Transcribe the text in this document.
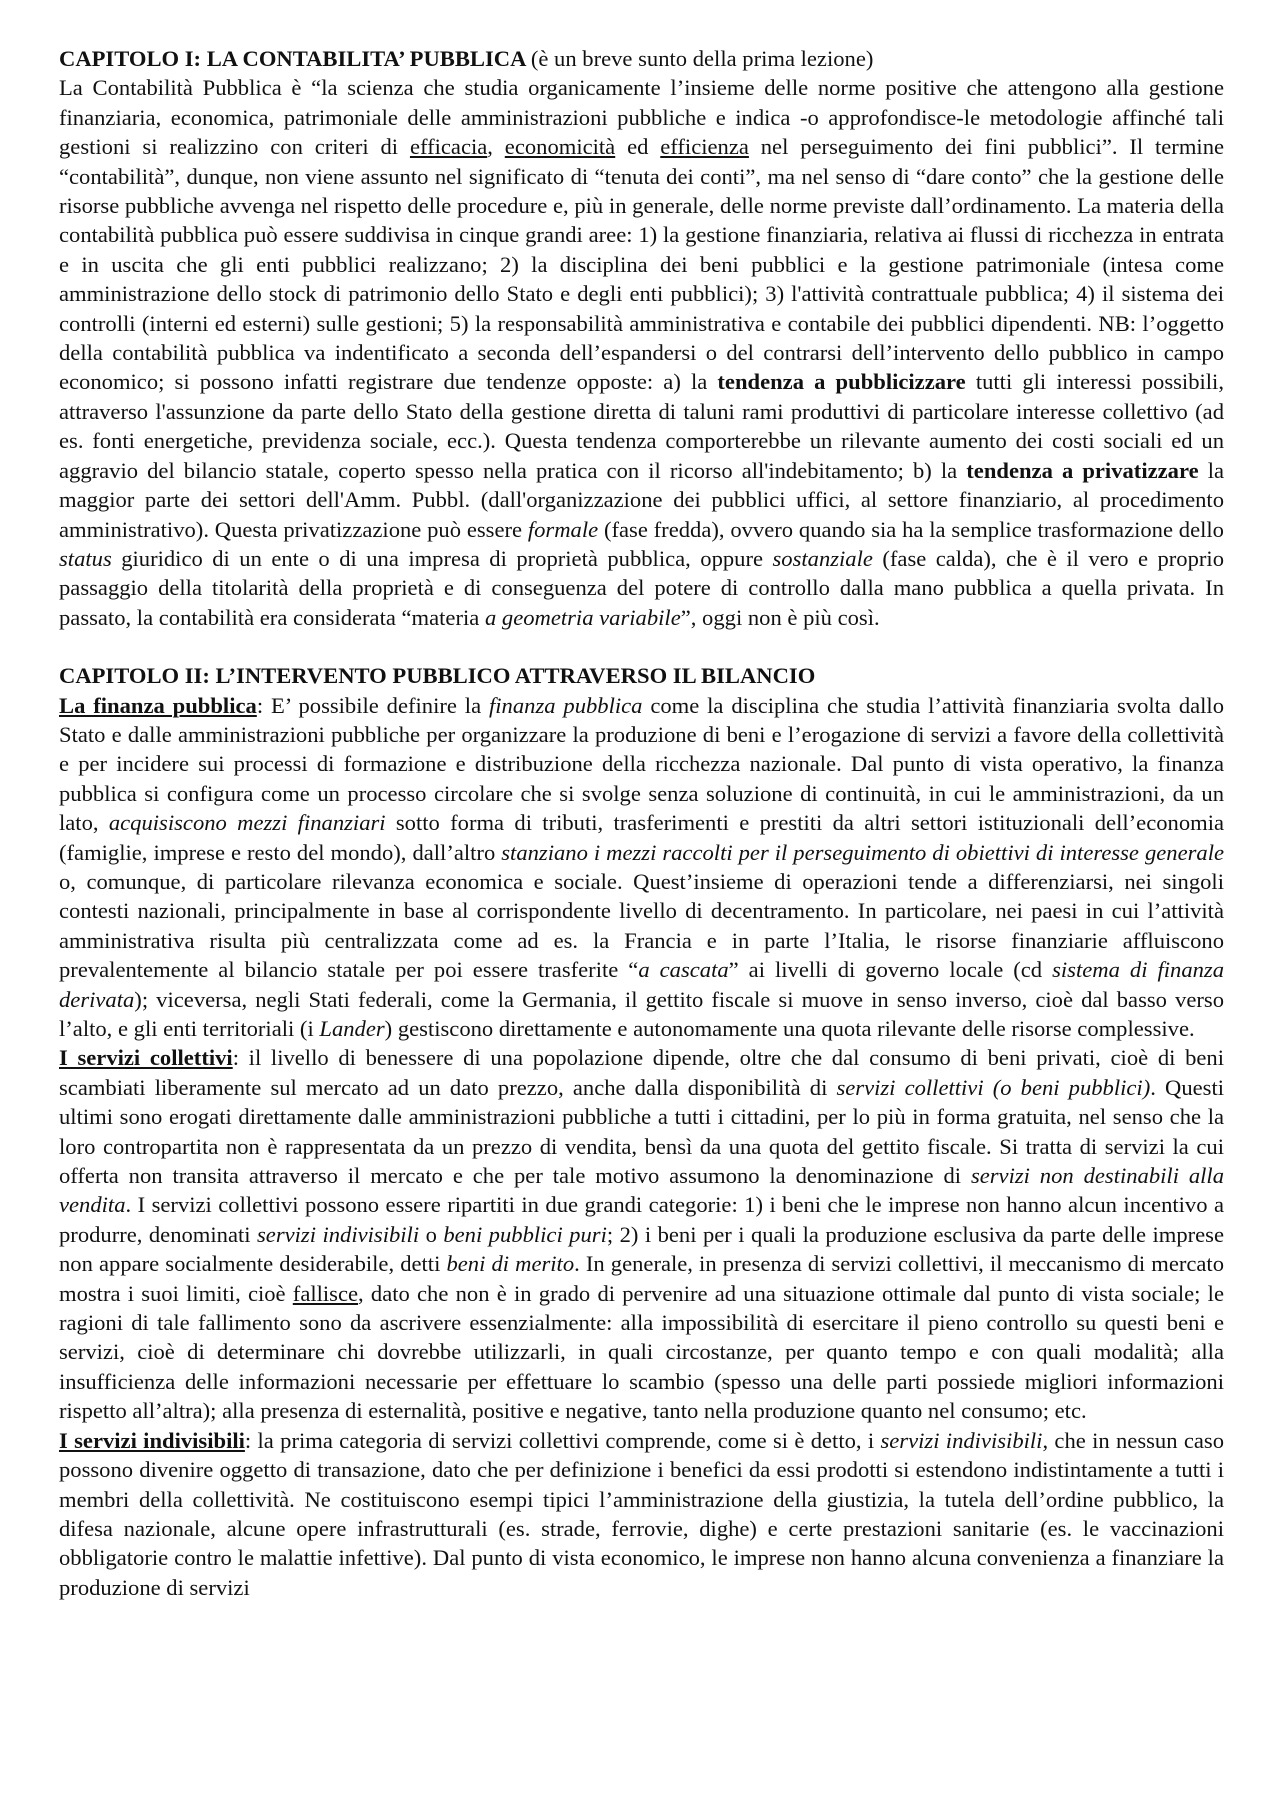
CAPITOLO I: LA CONTABILITA’ PUBBLICA (è un breve sunto della prima lezione)

La Contabilità Pubblica è “la scienza che studia organicamente l’insieme delle norme positive che attengono alla gestione finanziaria, economica, patrimoniale delle amministrazioni pubbliche e indica -o approfondisce-le metodologie affinché tali gestioni si realizzino con criteri di efficacia, economicità ed efficienza nel perseguimento dei fini pubblici”. Il termine “contabilità”, dunque, non viene assunto nel significato di “tenuta dei conti”, ma nel senso di “dare conto” che la gestione delle risorse pubbliche avvenga nel rispetto delle procedure e, più in generale, delle norme previste dall’ordinamento. La materia della contabilità pubblica può essere suddivisa in cinque grandi aree: 1) la gestione finanziaria, relativa ai flussi di ricchezza in entrata e in uscita che gli enti pubblici realizzano; 2) la disciplina dei beni pubblici e la gestione patrimoniale (intesa come amministrazione dello stock di patrimonio dello Stato e degli enti pubblici); 3) l'attività contrattuale pubblica; 4) il sistema dei controlli (interni ed esterni) sulle gestioni; 5) la responsabilità amministrativa e contabile dei pubblici dipendenti. NB: l’oggetto della contabilità pubblica va indentificato a seconda dell’espandersi o del contrarsi dell’intervento dello pubblico in campo economico; si possono infatti registrare due tendenze opposte: a) la tendenza a pubblicizzare tutti gli interessi possibili, attraverso l'assunzione da parte dello Stato della gestione diretta di taluni rami produttivi di particolare interesse collettivo (ad es. fonti energetiche, previdenza sociale, ecc.). Questa tendenza comporterebbe un rilevante aumento dei costi sociali ed un aggravio del bilancio statale, coperto spesso nella pratica con il ricorso all'indebitamento; b) la tendenza a privatizzare la maggior parte dei settori dell'Amm. Pubbl. (dall'organizzazione dei pubblici uffici, al settore finanziario, al procedimento amministrativo). Questa privatizzazione può essere formale (fase fredda), ovvero quando sia ha la semplice trasformazione dello status giuridico di un ente o di una impresa di proprietà pubblica, oppure sostanziale (fase calda), che è il vero e proprio passaggio della titolarità della proprietà e di conseguenza del potere di controllo dalla mano pubblica a quella privata. In passato, la contabilità era considerata “materia a geometria variabile”, oggi non è più così.

CAPITOLO II: L’INTERVENTO PUBBLICO ATTRAVERSO IL BILANCIO

La finanza pubblica: E’ possibile definire la finanza pubblica come la disciplina che studia l’attività finanziaria svolta dallo Stato e dalle amministrazioni pubbliche per organizzare la produzione di beni e l’erogazione di servizi a favore della collettività e per incidere sui processi di formazione e distribuzione della ricchezza nazionale. Dal punto di vista operativo, la finanza pubblica si configura come un processo circolare che si svolge senza soluzione di continuità, in cui le amministrazioni, da un lato, acquisiscono mezzi finanziari sotto forma di tributi, trasferimenti e prestiti da altri settori istituzionali dell’economia (famiglie, imprese e resto del mondo), dall’altro stanziano i mezzi raccolti per il perseguimento di obiettivi di interesse generale o, comunque, di particolare rilevanza economica e sociale. Quest’insieme di operazioni tende a differenziarsi, nei singoli contesti nazionali, principalmente in base al corrispondente livello di decentramento. In particolare, nei paesi in cui l’attività amministrativa risulta più centralizzata come ad es. la Francia e in parte l’Italia, le risorse finanziarie affluiscono prevalentemente al bilancio statale per poi essere trasferite “a cascata” ai livelli di governo locale (cd sistema di finanza derivata); viceversa, negli Stati federali, come la Germania, il gettito fiscale si muove in senso inverso, cioè dal basso verso l’alto, e gli enti territoriali (i Lander) gestiscono direttamente e autonomamente una quota rilevante delle risorse complessive.

I servizi collettivi: il livello di benessere di una popolazione dipende, oltre che dal consumo di beni privati, cioè di beni scambiati liberamente sul mercato ad un dato prezzo, anche dalla disponibilità di servizi collettivi (o beni pubblici). Questi ultimi sono erogati direttamente dalle amministrazioni pubbliche a tutti i cittadini, per lo più in forma gratuita, nel senso che la loro contropartita non è rappresentata da un prezzo di vendita, bensì da una quota del gettito fiscale. Si tratta di servizi la cui offerta non transita attraverso il mercato e che per tale motivo assumono la denominazione di servizi non destinabili alla vendita. I servizi collettivi possono essere ripartiti in due grandi categorie: 1) i beni che le imprese non hanno alcun incentivo a produrre, denominati servizi indivisibili o beni pubblici puri; 2) i beni per i quali la produzione esclusiva da parte delle imprese non appare socialmente desiderabile, detti beni di merito. In generale, in presenza di servizi collettivi, il meccanismo di mercato mostra i suoi limiti, cioè fallisce, dato che non è in grado di pervenire ad una situazione ottimale dal punto di vista sociale; le ragioni di tale fallimento sono da ascrivere essenzialmente: alla impossibilità di esercitare il pieno controllo su questi beni e servizi, cioè di determinare chi dovrebbe utilizzarli, in quali circostanze, per quanto tempo e con quali modalità; alla insufficienza delle informazioni necessarie per effettuare lo scambio (spesso una delle parti possiede migliori informazioni rispetto all’altra); alla presenza di esternalità, positive e negative, tanto nella produzione quanto nel consumo; etc.

I servizi indivisibili: la prima categoria di servizi collettivi comprende, come si è detto, i servizi indivisibili, che in nessun caso possono divenire oggetto di transazione, dato che per definizione i benefici da essi prodotti si estendono indistintamente a tutti i membri della collettività. Ne costituiscono esempi tipici l’amministrazione della giustizia, la tutela dell’ordine pubblico, la difesa nazionale, alcune opere infrastrutturali (es. strade, ferrovie, dighe) e certe prestazioni sanitarie (es. le vaccinazioni obbligatorie contro le malattie infettive). Dal punto di vista economico, le imprese non hanno alcuna convenienza a finanziare la produzione di servizi
